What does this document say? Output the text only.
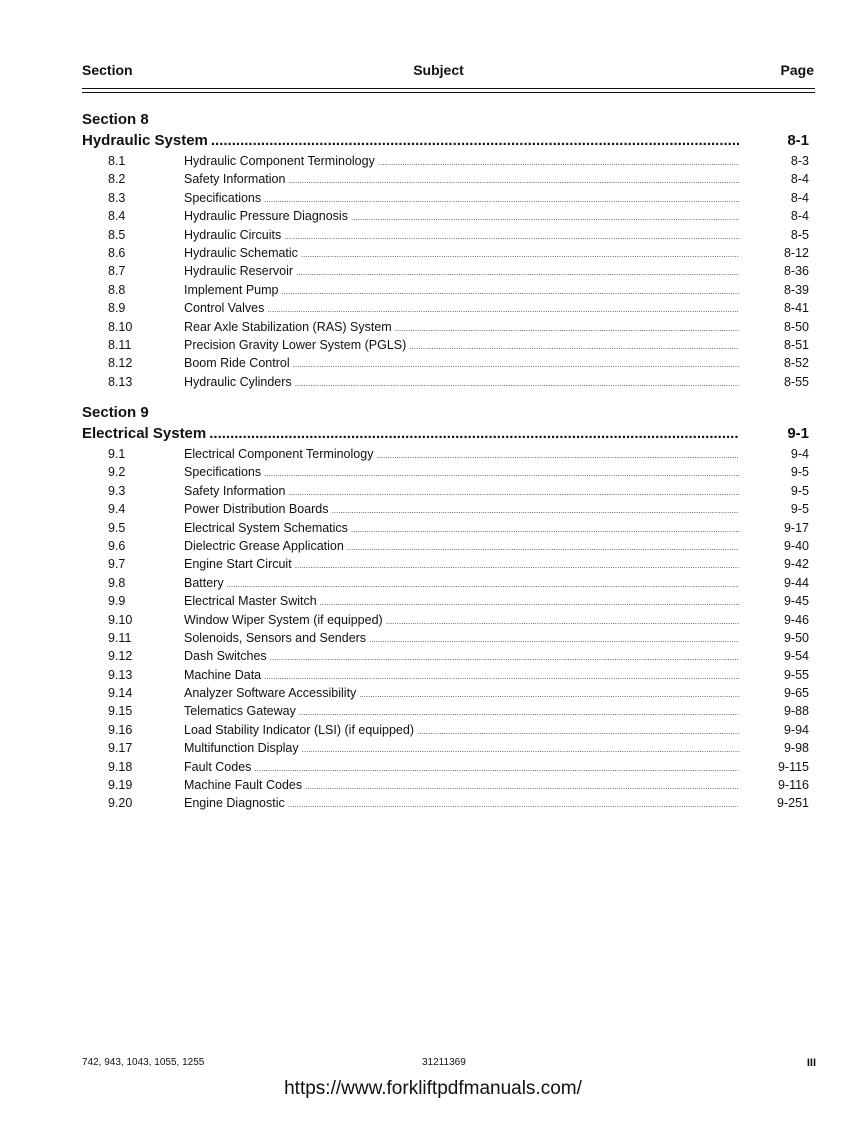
Section	Subject	Page
Section 8
Hydraulic System .....	8-1
8.1	Hydraulic Component Terminology .....	8-3
8.2	Safety Information .....	8-4
8.3	Specifications .....	8-4
8.4	Hydraulic Pressure Diagnosis .....	8-4
8.5	Hydraulic Circuits .....	8-5
8.6	Hydraulic Schematic .....	8-12
8.7	Hydraulic Reservoir .....	8-36
8.8	Implement Pump .....	8-39
8.9	Control Valves .....	8-41
8.10	Rear Axle Stabilization (RAS) System .....	8-50
8.11	Precision Gravity Lower System (PGLS) .....	8-51
8.12	Boom Ride Control .....	8-52
8.13	Hydraulic Cylinders .....	8-55
Section 9
Electrical System .....	9-1
9.1	Electrical Component Terminology .....	9-4
9.2	Specifications .....	9-5
9.3	Safety Information .....	9-5
9.4	Power Distribution Boards .....	9-5
9.5	Electrical System Schematics .....	9-17
9.6	Dielectric Grease Application .....	9-40
9.7	Engine Start Circuit .....	9-42
9.8	Battery .....	9-44
9.9	Electrical Master Switch .....	9-45
9.10	Window Wiper System (if equipped) .....	9-46
9.11	Solenoids, Sensors and Senders .....	9-50
9.12	Dash Switches .....	9-54
9.13	Machine Data .....	9-55
9.14	Analyzer Software Accessibility .....	9-65
9.15	Telematics Gateway .....	9-88
9.16	Load Stability Indicator (LSI) (if equipped) .....	9-94
9.17	Multifunction Display .....	9-98
9.18	Fault Codes .....	9-115
9.19	Machine Fault Codes .....	9-116
9.20	Engine Diagnostic .....	9-251
742, 943, 1043, 1055, 1255	31211369	III
https://www.forkliftpdfmanuals.com/
